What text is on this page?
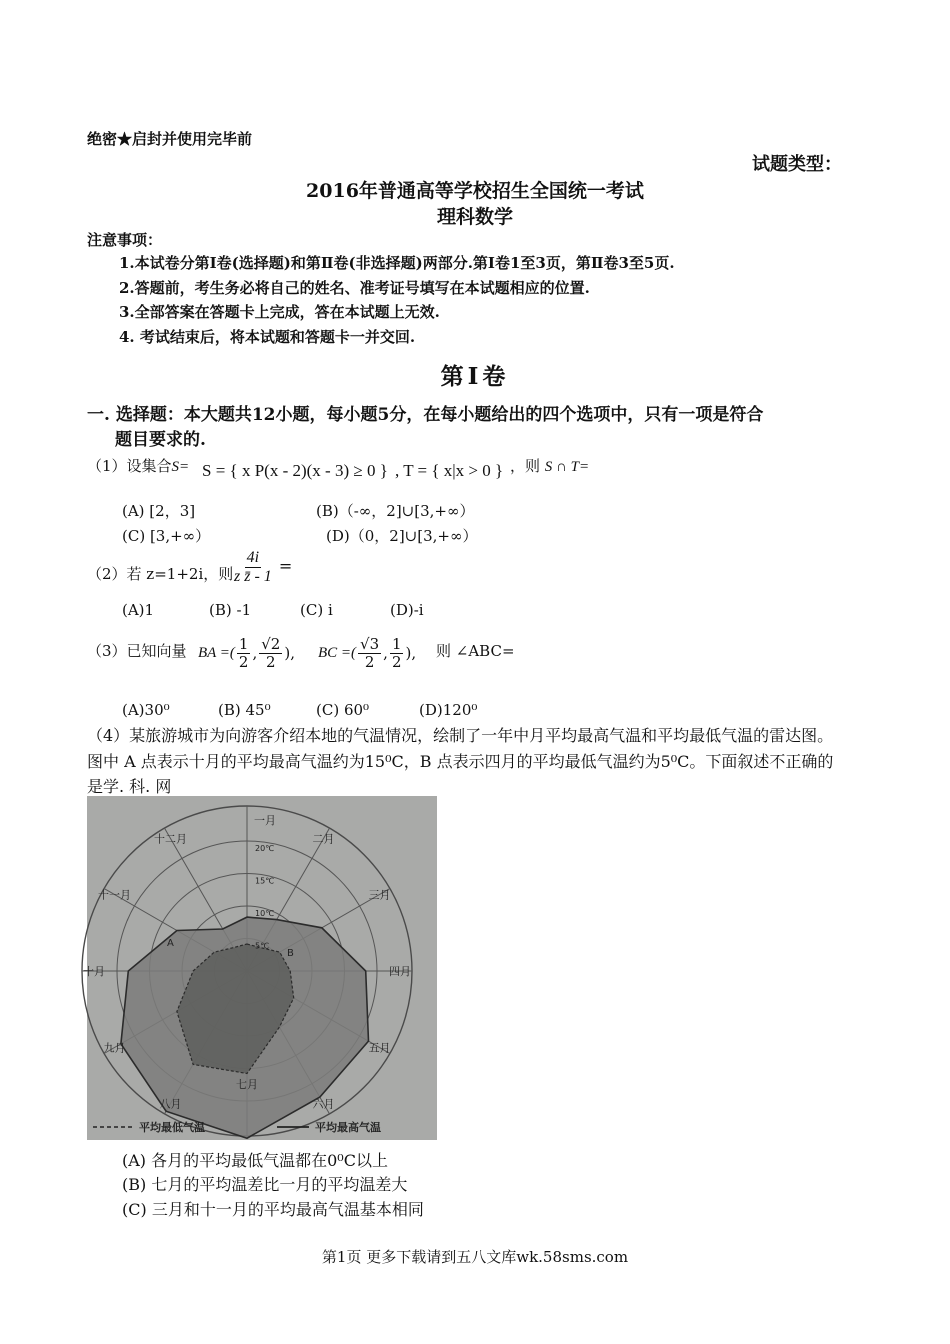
绝密★启封并使用完毕前
试题类型：
2016年普通高等学校招生全国统一考试
理科数学
注意事项：
1.本试卷分第Ⅰ卷(选择题)和第Ⅱ卷(非选择题)两部分.第Ⅰ卷1至3页，第Ⅱ卷3至5页.
2.答题前，考生务必将自己的姓名、准考证号填写在本试题相应的位置.
3.全部答案在答题卡上完成，答在本试题上无效.
4. 考试结束后，将本试题和答题卡一并交回.
第Ⅰ卷
一. 选择题：本大题共12小题，每小题5分，在每小题给出的四个选项中，只有一项是符合
题目要求的.
（1）设集合S= S = { x P(x - 2)(x - 3) ≥ 0 } , T = { x|x > 0 } ，则 S ∩ T=
(A) [2，3]	(B)（-∞，2]∪[3,+∞）
(C) [3,+∞）	(D)（0，2]∪[3,+∞）
（2）若 z=1+2i，则 $\frac{4i}{\text{z z̄ - 1}}$ =
(A)1	(B) -1	(C) i	(D)-i
（3）已知向量 BA =( $\frac{1}{2}$ , $\frac{√2}{2}$ ), BC =( $\frac{√3}{2}$ , $\frac{1}{2}$ ), 则 ∠ABC=
(A)30⁰	(B) 45⁰	(C) 60⁰	(D)120⁰
（4）某旅游城市为向游客介绍本地的气温情况，绘制了一年中月平均最高气温和平均最低气温的雷达图。
图中 A 点表示十月的平均最高气温约为15⁰C，B 点表示四月的平均最低气温约为5⁰C。下面叙述不正确的
是学. 科. 网
一月
二月
三月
四月
五月
六月
七月
八月
九月
十月
十一月
十二月
5℃
10℃
15℃
20℃
A
B
平均最低气温	平均最高气温
(A) 各月的平均最低气温都在0⁰C以上
(B) 七月的平均温差比一月的平均温差大
(C) 三月和十一月的平均最高气温基本相同
第1页 更多下载请到五八文库wk.58sms.com
